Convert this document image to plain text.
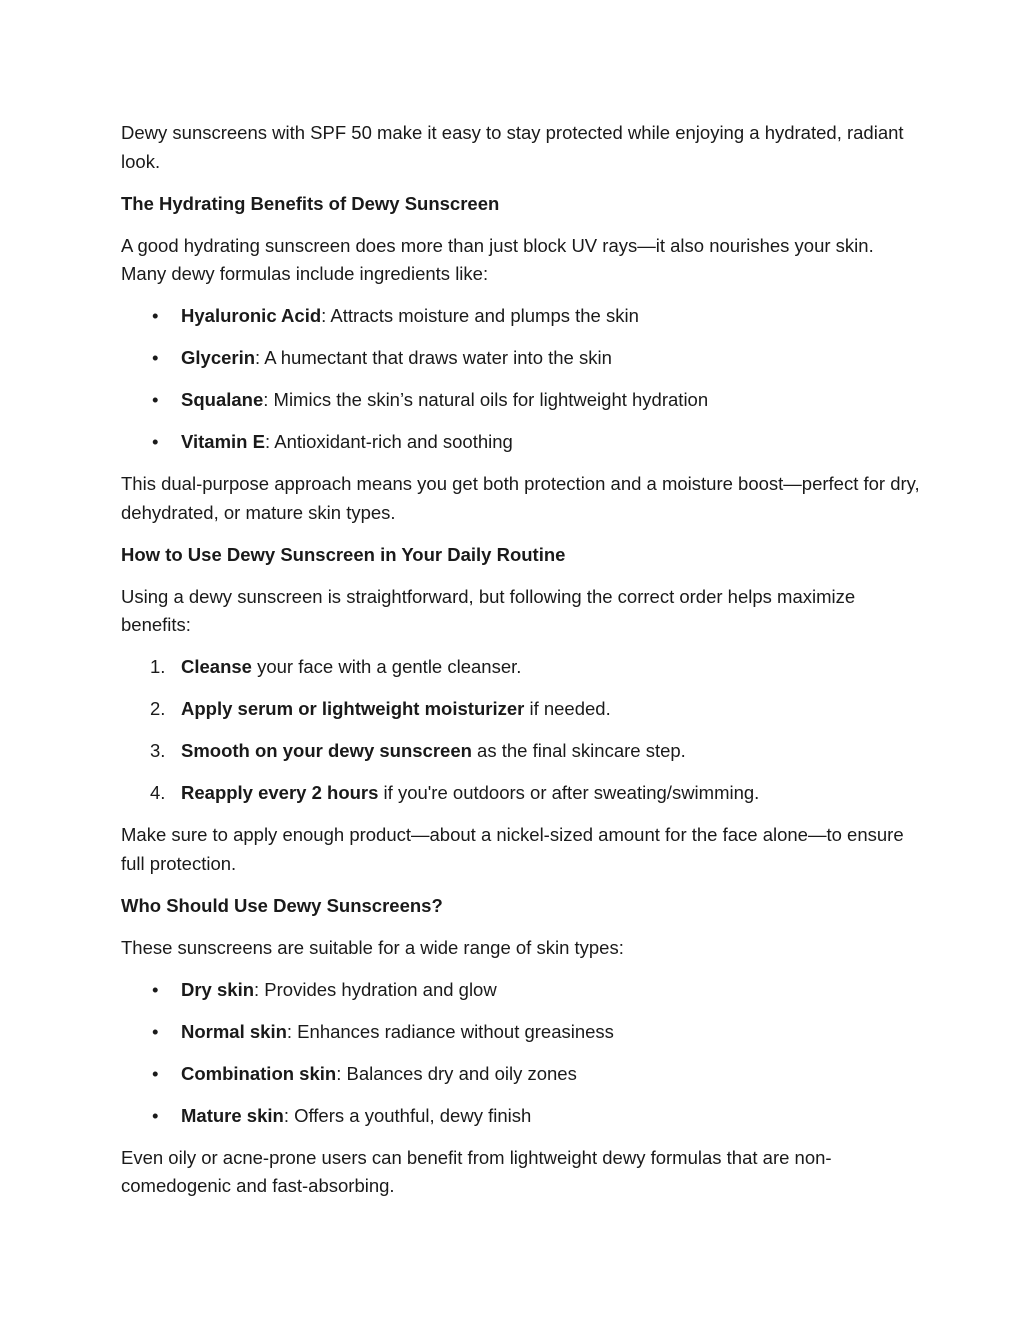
Dewy sunscreens with SPF 50 make it easy to stay protected while enjoying a hydrated, radiant look.

The Hydrating Benefits of Dewy Sunscreen

A good hydrating sunscreen does more than just block UV rays—it also nourishes your skin. Many dewy formulas include ingredients like:

•	Hyaluronic Acid: Attracts moisture and plumps the skin
•	Glycerin: A humectant that draws water into the skin
•	Squalane: Mimics the skin’s natural oils for lightweight hydration
•	Vitamin E: Antioxidant-rich and soothing

This dual-purpose approach means you get both protection and a moisture boost—perfect for dry, dehydrated, or mature skin types.

How to Use Dewy Sunscreen in Your Daily Routine

Using a dewy sunscreen is straightforward, but following the correct order helps maximize benefits:

1. Cleanse your face with a gentle cleanser.
2. Apply serum or lightweight moisturizer if needed.
3. Smooth on your dewy sunscreen as the final skincare step.
4. Reapply every 2 hours if you're outdoors or after sweating/swimming.

Make sure to apply enough product—about a nickel-sized amount for the face alone—to ensure full protection.

Who Should Use Dewy Sunscreens?

These sunscreens are suitable for a wide range of skin types:

•	Dry skin: Provides hydration and glow
•	Normal skin: Enhances radiance without greasiness
•	Combination skin: Balances dry and oily zones
•	Mature skin: Offers a youthful, dewy finish

Even oily or acne-prone users can benefit from lightweight dewy formulas that are non-comedogenic and fast-absorbing.
